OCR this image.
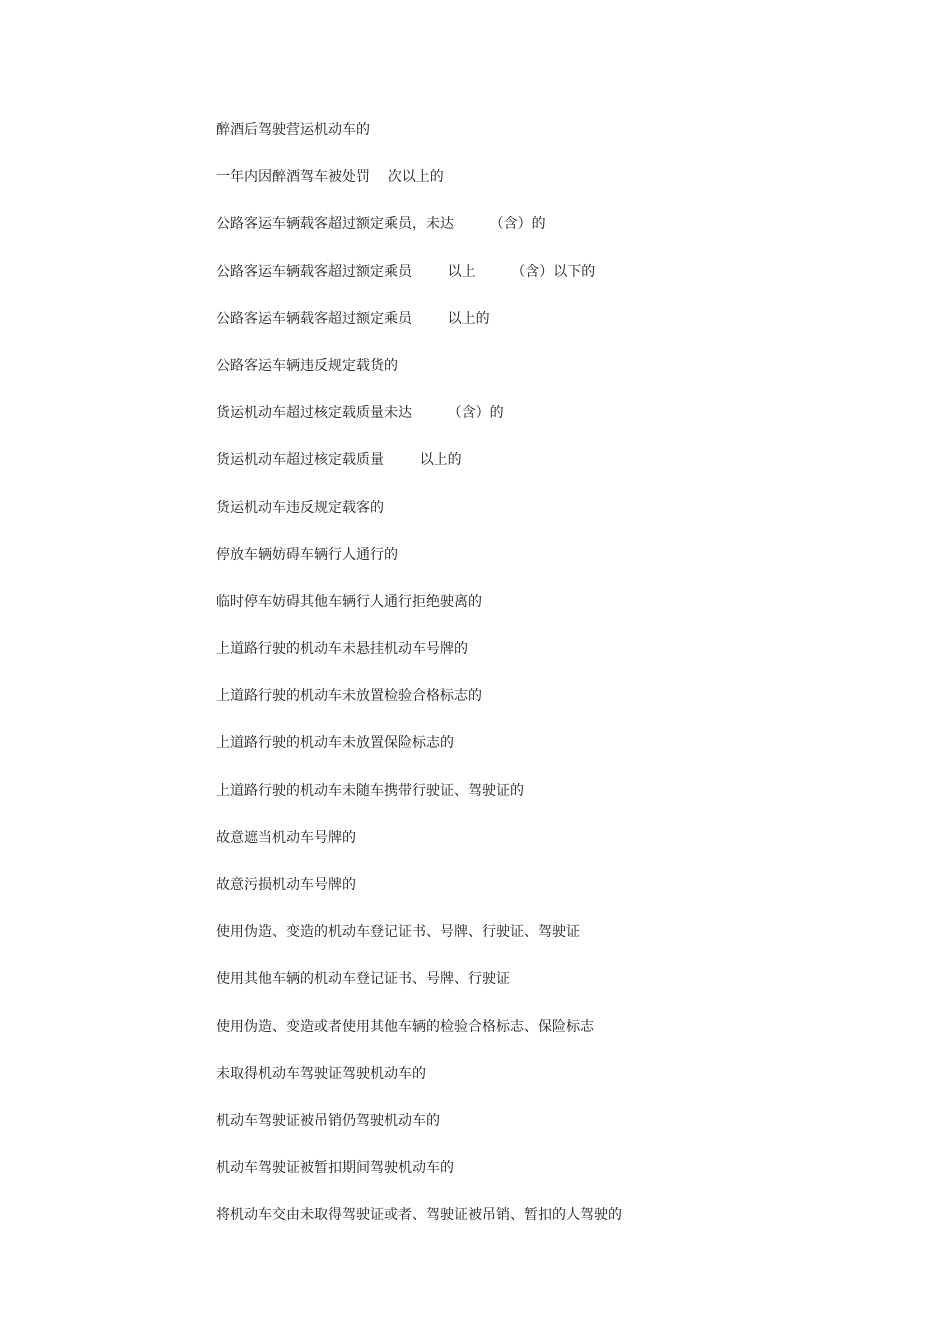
醉酒后驾驶营运机动车的
一年内因醉酒驾车被处罚    次以上的
公路客运车辆载客超过额定乘员，未达        （含）的
公路客运车辆载客超过额定乘员        以上        （含）以下的
公路客运车辆载客超过额定乘员        以上的
公路客运车辆违反规定载货的
货运机动车超过核定载质量未达        （含）的
货运机动车超过核定载质量        以上的
货运机动车违反规定载客的
停放车辆妨碍车辆行人通行的
临时停车妨碍其他车辆行人通行拒绝驶离的
上道路行驶的机动车未悬挂机动车号牌的
上道路行驶的机动车未放置检验合格标志的
上道路行驶的机动车未放置保险标志的
上道路行驶的机动车未随车携带行驶证、驾驶证的
故意遮当机动车号牌的
故意污损机动车号牌的
使用伪造、变造的机动车登记证书、号牌、行驶证、驾驶证
使用其他车辆的机动车登记证书、号牌、行驶证
使用伪造、变造或者使用其他车辆的检验合格标志、保险标志
未取得机动车驾驶证驾驶机动车的
机动车驾驶证被吊销仍驾驶机动车的
机动车驾驶证被暂扣期间驾驶机动车的
将机动车交由未取得驾驶证或者、驾驶证被吊销、暂扣的人驾驶的
